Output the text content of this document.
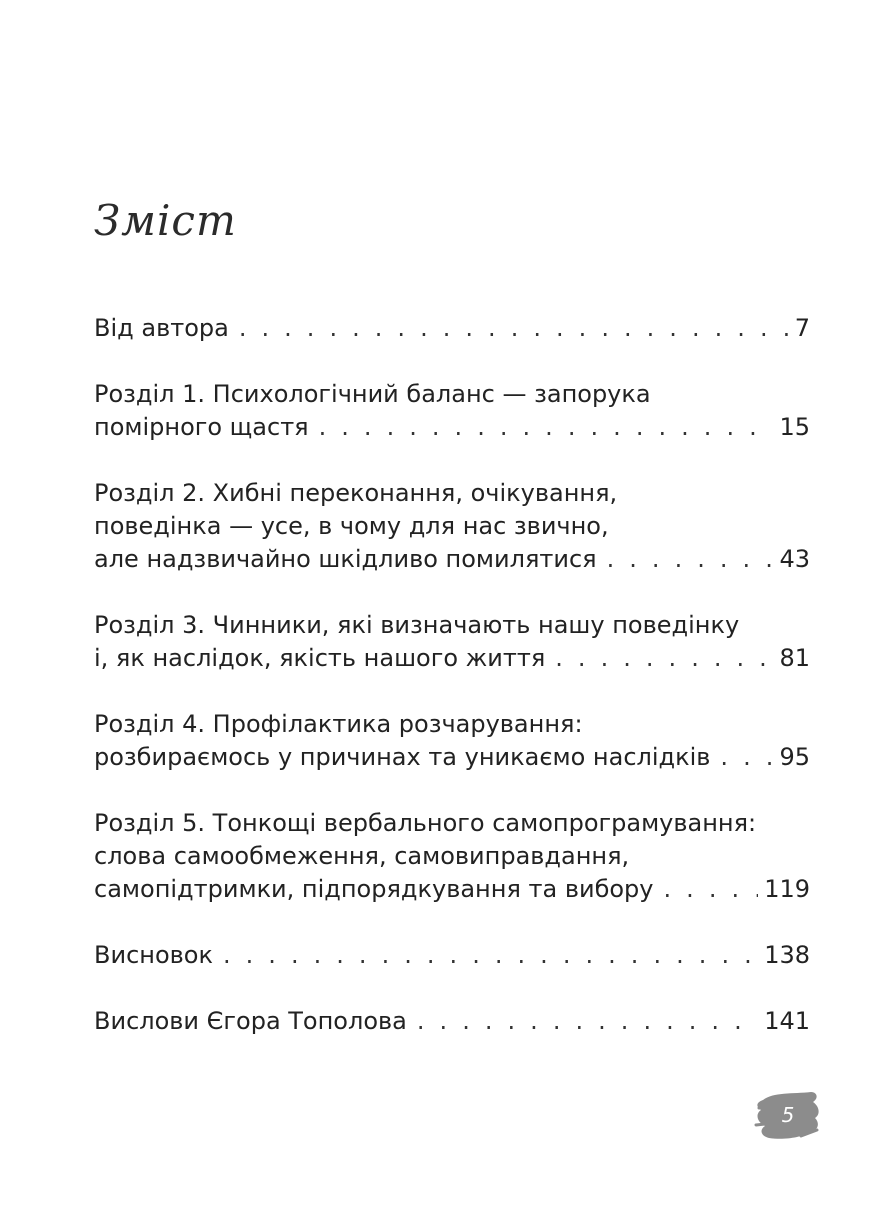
Зміст
Від автора . . .	7
Розділ 1. Психологічний баланс — запорука
помірного щастя . . .	15
Розділ 2. Хибні переконання, очікування,
поведінка — усе, в чому для нас звично,
але надзвичайно шкідливо помилятися . . .	43
Розділ 3. Чинники, які визначають нашу поведінку
і, як наслідок, якість нашого життя . . .	81
Розділ 4. Профілактика розчарування:
розбираємось у причинах та уникаємо наслідків . . .	95
Розділ 5. Тонкощі вербального самопрограмування:
слова самообмеження, самовиправдання,
самопідтримки, підпорядкування та вибору . . .	119
Висновок . . .	138
Вислови Єгора Тополова . . .	141
5
